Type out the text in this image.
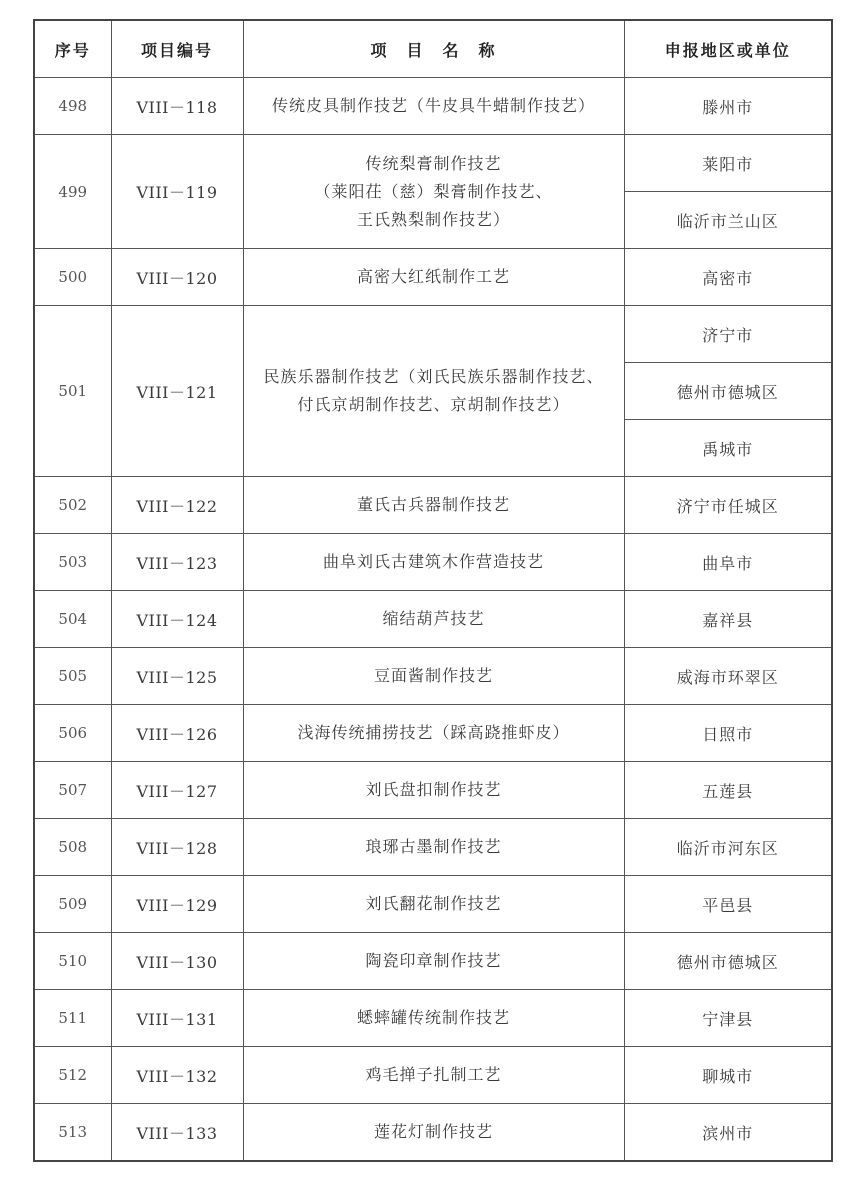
序号	项目编号	项　目　名　称	申报地区或单位
498	VIII－118	传统皮具制作技艺（牛皮具牛蜡制作技艺）	滕州市
499	VIII－119	传统梨膏制作技艺
（莱阳茌（慈）梨膏制作技艺、
王氏熟梨制作技艺）	莱阳市
			临沂市兰山区
500	VIII－120	高密大红纸制作工艺	高密市
501	VIII－121	民族乐器制作技艺（刘氏民族乐器制作技艺、
付氏京胡制作技艺、京胡制作技艺）	济宁市
			德州市德城区
			禹城市
502	VIII－122	董氏古兵器制作技艺	济宁市任城区
503	VIII－123	曲阜刘氏古建筑木作营造技艺	曲阜市
504	VIII－124	缩结葫芦技艺	嘉祥县
505	VIII－125	豆面酱制作技艺	威海市环翠区
506	VIII－126	浅海传统捕捞技艺（踩高跷推虾皮）	日照市
507	VIII－127	刘氏盘扣制作技艺	五莲县
508	VIII－128	琅琊古墨制作技艺	临沂市河东区
509	VIII－129	刘氏翻花制作技艺	平邑县
510	VIII－130	陶瓷印章制作技艺	德州市德城区
511	VIII－131	蟋蟀罐传统制作技艺	宁津县
512	VIII－132	鸡毛掸子扎制工艺	聊城市
513	VIII－133	莲花灯制作技艺	滨州市
